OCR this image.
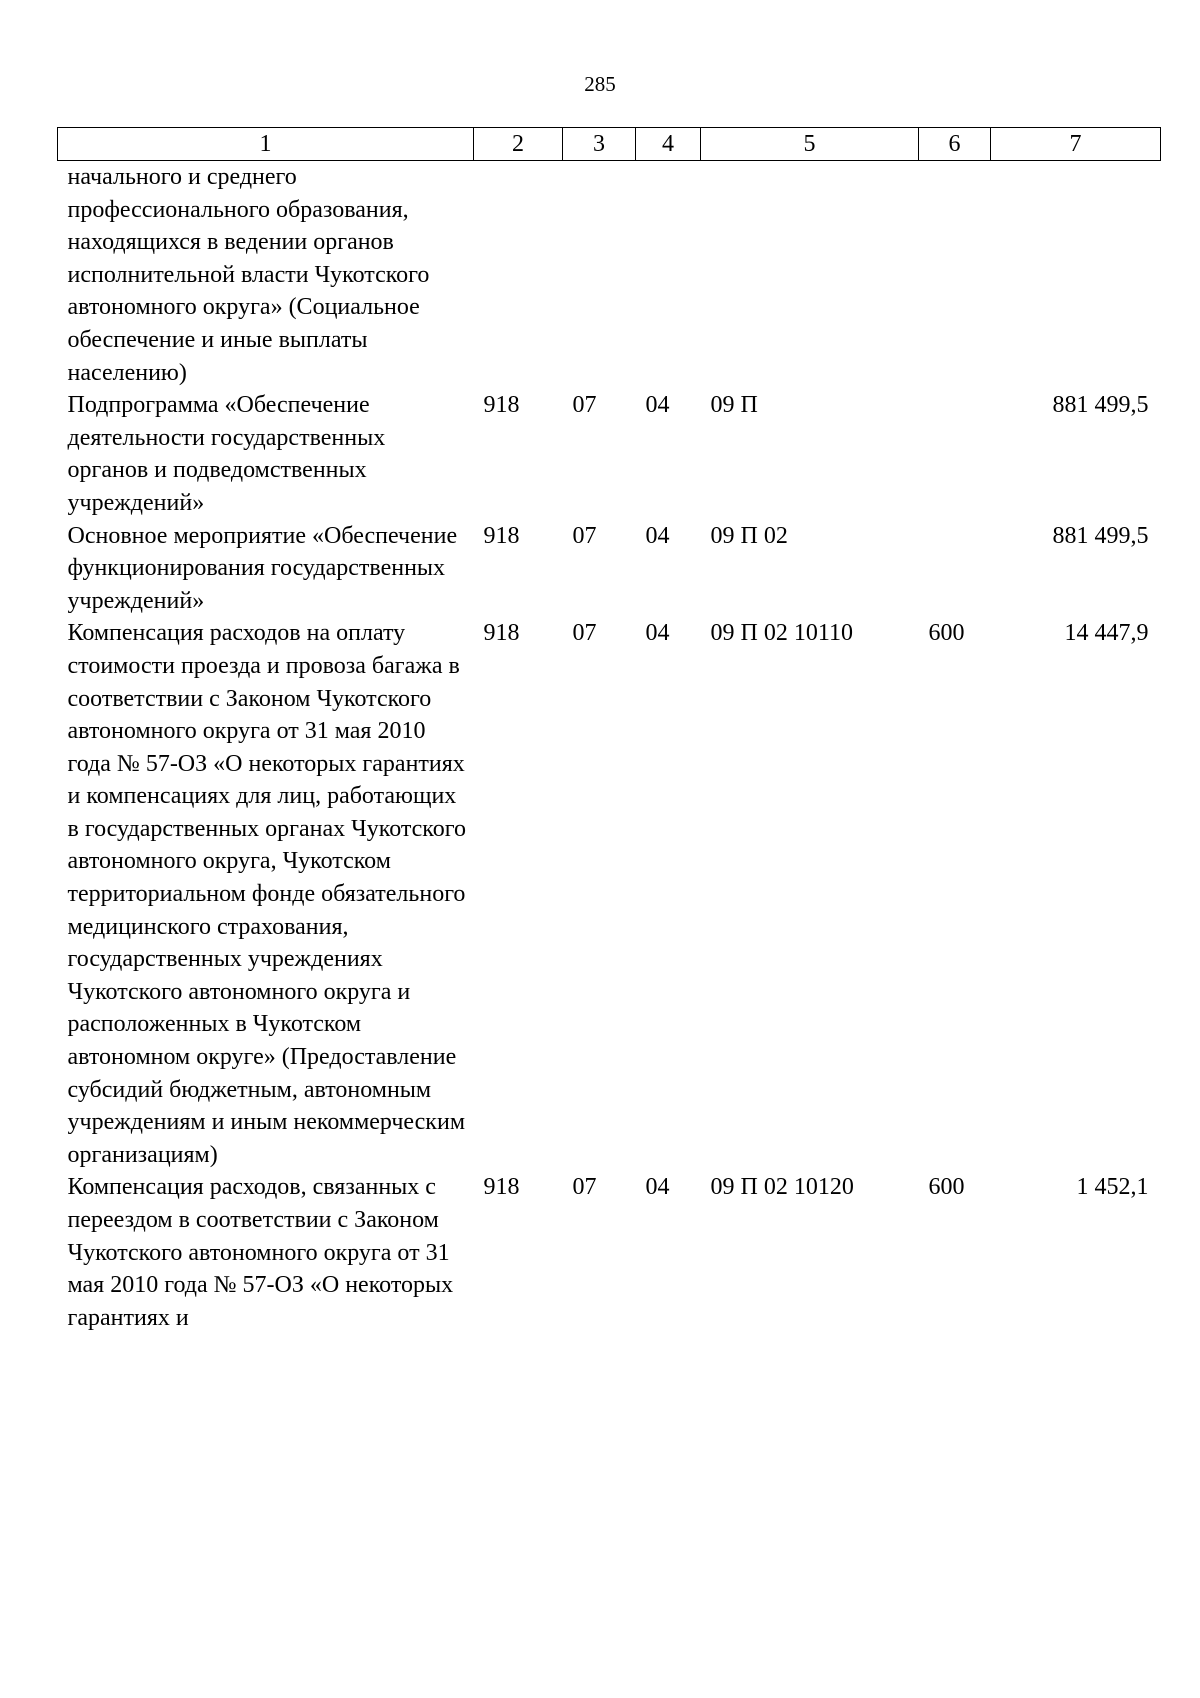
285
1	2	3	4	5	6	7
начального и среднего профессионального образования, находящихся в ведении органов исполнительной власти Чукотского автономного округа» (Социальное обеспечение и иные выплаты населению)						
Подпрограмма «Обеспечение деятельности государственных органов и подведомственных учреждений»	918	07	04	09 П		881 499,5
Основное мероприятие «Обеспечение функционирования государственных учреждений»	918	07	04	09 П 02		881 499,5
Компенсация расходов на оплату стоимости проезда и провоза багажа в соответствии с Законом Чукотского автономного округа от 31 мая 2010 года № 57-ОЗ «О некоторых гарантиях и компенсациях для лиц, работающих в государственных органах Чукотского автономного округа, Чукотском территориальном фонде обязательного медицинского страхования, государственных учреждениях Чукотского автономного округа и расположенных в Чукотском автономном округе» (Предоставление субсидий бюджетным, автономным учреждениям и иным некоммерческим организациям)	918	07	04	09 П 02 10110	600	14 447,9
Компенсация расходов, связанных с переездом в соответствии с Законом Чукотского автономного округа от 31 мая 2010 года № 57-ОЗ «О некоторых гарантиях и	918	07	04	09 П 02 10120	600	1 452,1
